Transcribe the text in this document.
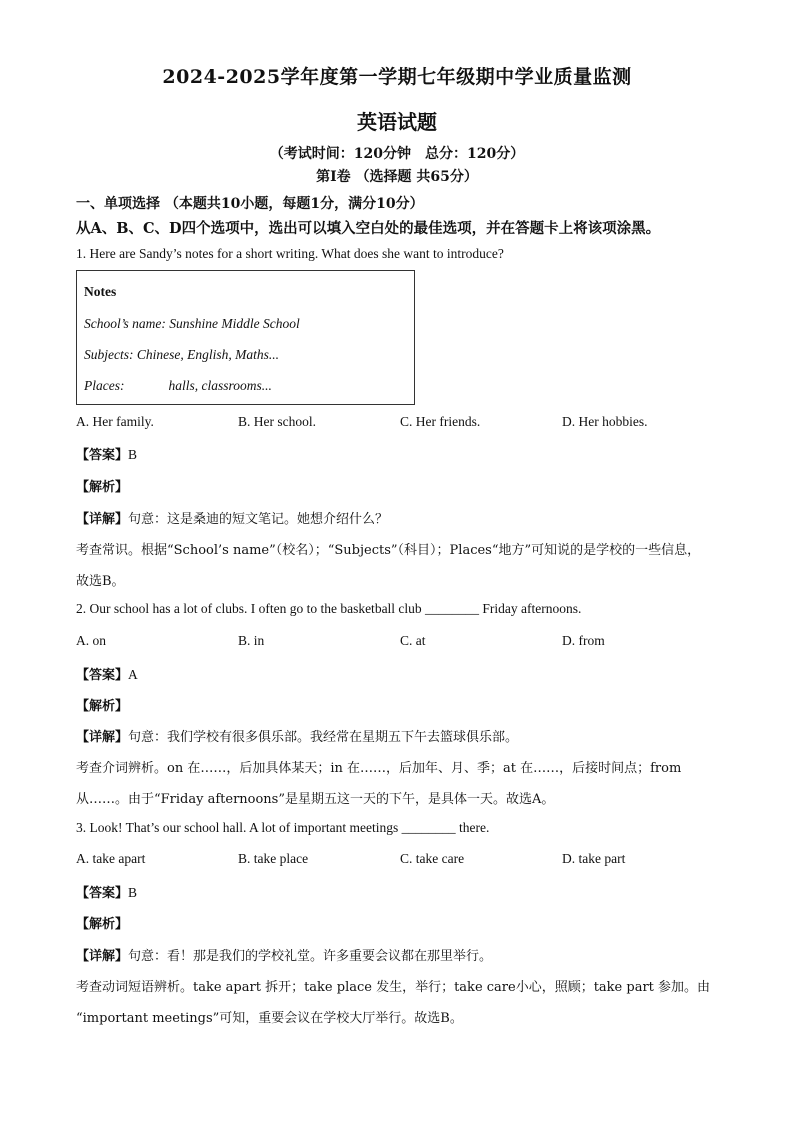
2024-2025学年度第一学期七年级期中学业质量监测
英语试题
（考试时间：120分钟　总分：120分）
第Ⅰ卷 （选择题 共65分）
一、单项选择 （本题共10小题，每题1分，满分10分）
从A、B、C、D四个选项中，选出可以填入空白处的最佳选项，并在答题卡上将该项涂黑。
1. Here are Sandy’s notes for a short writing. What does she want to introduce?
Notes
School’s name: Sunshine Middle School
Subjects: Chinese, English, Maths...
Places:	halls, classrooms...
A. Her family.	B. Her school.	C. Her friends.	D. Her hobbies.
【答案】B
【解析】
【详解】句意：这是桑迪的短文笔记。她想介绍什么？
考查常识。根据“School’s name”（校名）；“Subjects”（科目）；Places“地方”可知说的是学校的一些信息，
故选B。
2. Our school has a lot of clubs. I often go to the basketball club ________ Friday afternoons.
A. on	B. in	C. at	D. from
【答案】A
【解析】
【详解】句意：我们学校有很多俱乐部。我经常在星期五下午去篮球俱乐部。
考查介词辨析。on 在……，后加具体某天；in 在……，后加年、月、季；at 在……，后接时间点；from
从……。由于“Friday afternoons”是星期五这一天的下午，是具体一天。故选A。
3. Look! That’s our school hall. A lot of important meetings ________ there.
A. take apart	B. take place	C. take care	D. take part
【答案】B
【解析】
【详解】句意：看！那是我们的学校礼堂。许多重要会议都在那里举行。
考查动词短语辨析。take apart 拆开；take place 发生，举行；take care小心，照顾；take part 参加。由
“important meetings”可知，重要会议在学校大厅举行。故选B。
